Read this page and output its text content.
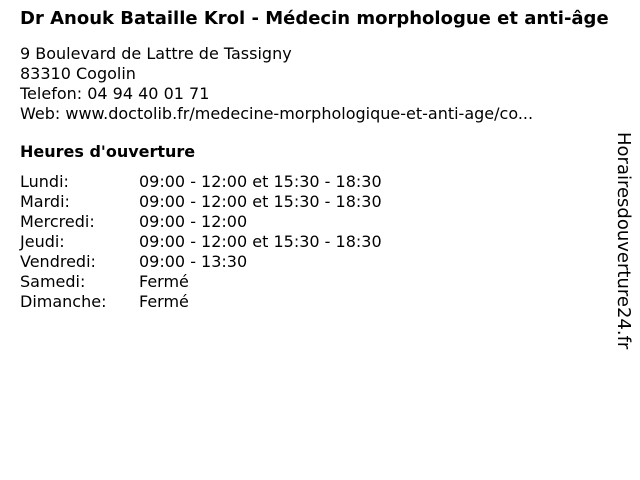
Dr Anouk Bataille Krol - Médecin morphologue et anti-âge
9 Boulevard de Lattre de Tassigny
83310 Cogolin
Telefon: 04 94 40 01 71
Web: www.doctolib.fr/medecine-morphologique-et-anti-age/co...
Heures d'ouverture
Lundi:	09:00 - 12:00 et 15:30 - 18:30
Mardi:	09:00 - 12:00 et 15:30 - 18:30
Mercredi:	09:00 - 12:00
Jeudi:	09:00 - 12:00 et 15:30 - 18:30
Vendredi:	09:00 - 13:30
Samedi:	Fermé
Dimanche:	Fermé	Horairesdouverture24.fr
